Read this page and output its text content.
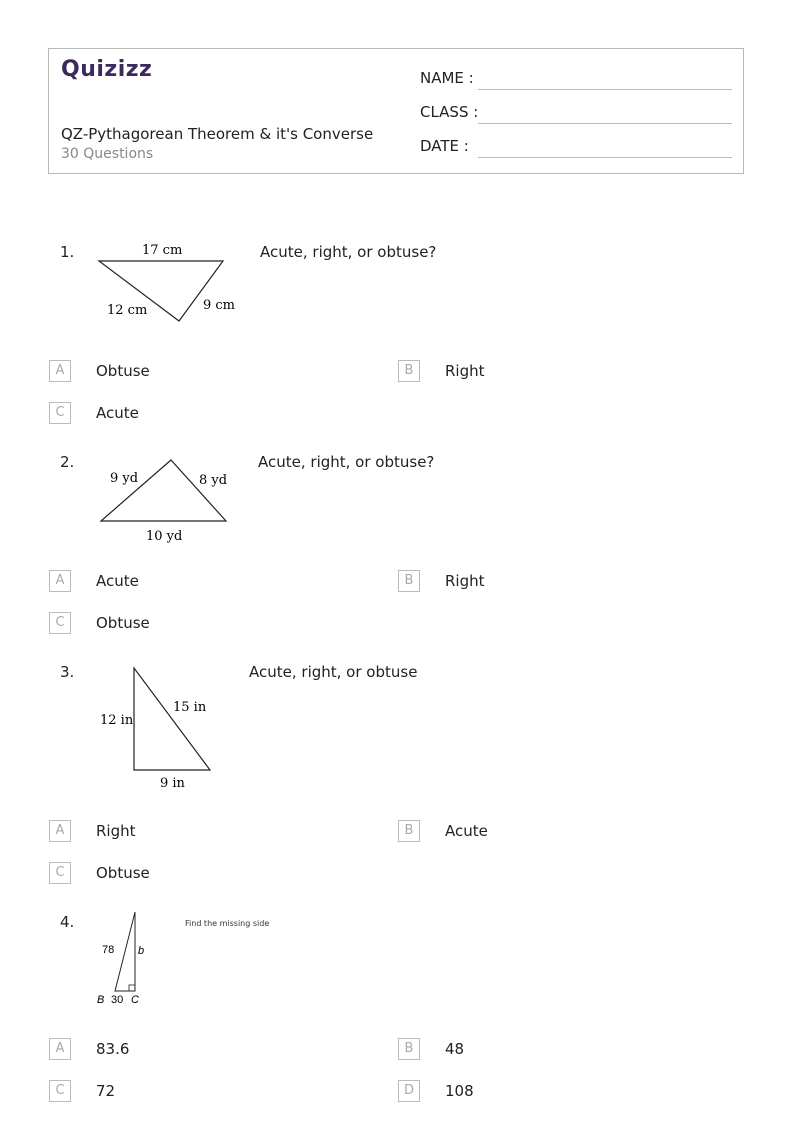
Quizizz
QZ-Pythagorean Theorem & it's Converse
30 Questions
NAME :
CLASS :
DATE :
1.	17 cm
12 cm	9 cm
Acute, right, or obtuse?
A	Obtuse	B	Right
C	Acute
2.
9 yd	8 yd
10 yd
Acute, right, or obtuse?
A	Acute	B	Right
C	Obtuse
3.
12 in
15 in
9 in
Acute, right, or obtuse
A	Right	B	Acute
C	Obtuse
4.
78 b
B 30 C
Find the missing side
A	83.6	B	48
C	72	D	108
